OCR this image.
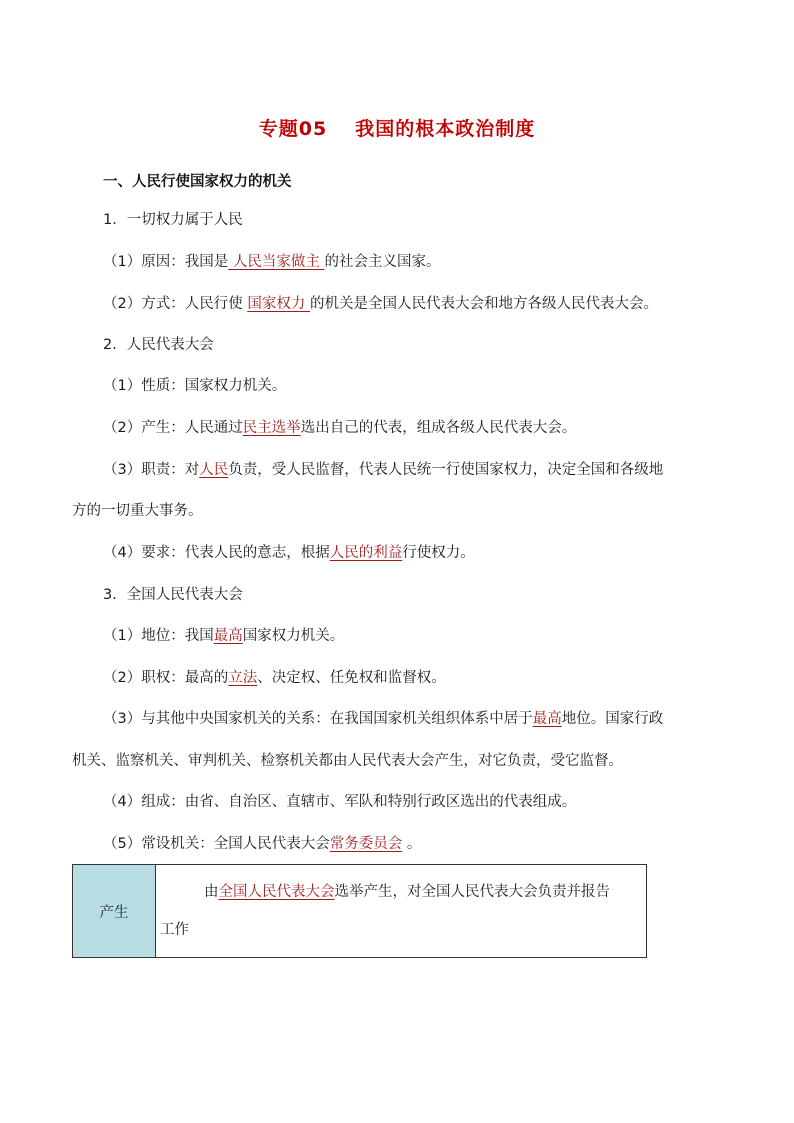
专题05 我国的根本政治制度
一、人民行使国家权力的机关
1．一切权力属于人民
（1）原因：我国是 人民当家做主 的社会主义国家。
（2）方式：人民行使 国家权力 的机关是全国人民代表大会和地方各级人民代表大会。
2．人民代表大会
（1）性质：国家权力机关。
（2）产生：人民通过民主选举选出自己的代表，组成各级人民代表大会。
（3）职责：对人民负责，受人民监督，代表人民统一行使国家权力，决定全国和各级地
方的一切重大事务。
（4）要求：代表人民的意志，根据人民的利益行使权力。
3．全国人民代表大会
（1）地位：我国最高国家权力机关。
（2）职权：最高的立法、决定权、任免权和监督权。
（3）与其他中央国家机关的关系：在我国国家机关组织体系中居于最高地位。国家行政
机关、监察机关、审判机关、检察机关都由人民代表大会产生，对它负责，受它监督。
（4）组成：由省、自治区、直辖市、军队和特别行政区选出的代表组成。
（5）常设机关：全国人民代表大会常务委员会 。
产生	由全国人民代表大会选举产生，对全国人民代表大会负责并报告
工作
